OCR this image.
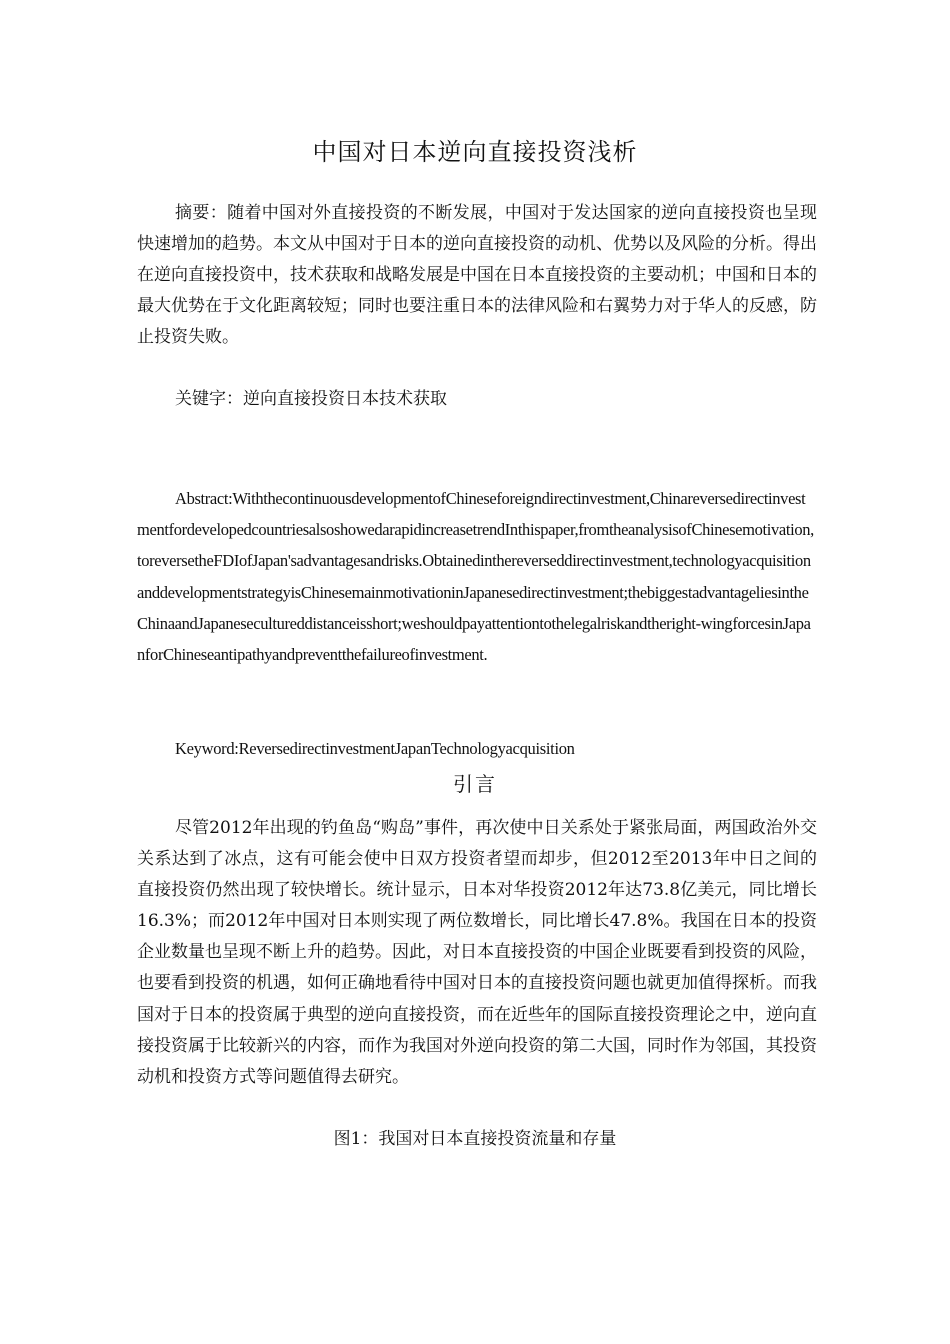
中国对日本逆向直接投资浅析

摘要：随着中国对外直接投资的不断发展，中国对于发达国家的逆向直接投资也呈现快速增加的趋势。本文从中国对于日本的逆向直接投资的动机、优势以及风险的分析。得出在逆向直接投资中，技术获取和战略发展是中国在日本直接投资的主要动机；中国和日本的最大优势在于文化距离较短；同时也要注重日本的法律风险和右翼势力对于华人的反感，防止投资失败。

关键字：逆向直接投资日本技术获取

Abstract:WiththecontinuousdevelopmentofChineseforeigndirectinvestment,ChinareversedirectinvestmentfordevelopedcountriesalsoshowedarapidincreasetrendInthispaper,fromtheanalysisofChinesemotivation,toreversetheFDIofJapan'sadvantagesandrisks.Obtainedinthereverseddirectinvestment,technologyacquisitionanddevelopmentstrategyisChinesemainmotivationinJapanesedirectinvestment;thebiggestadvantageliesintheChinaandJapanesecultureddistanceisshort;weshouldpayattentiontothelegalriskandtheright-wingforcesinJapanforChineseantipathyandpreventthefailureofinvestment.

Keyword:ReversedirectinvestmentJapanTechnologyacquisition

引言

尽管2012年出现的钓鱼岛“购岛”事件，再次使中日关系处于紧张局面，两国政治外交关系达到了冰点，这有可能会使中日双方投资者望而却步，但2012至2013年中日之间的直接投资仍然出现了较快增长。统计显示，日本对华投资2012年达73.8亿美元，同比增长16.3%；而2012年中国对日本则实现了两位数增长，同比增长47.8%。我国在日本的投资企业数量也呈现不断上升的趋势。因此，对日本直接投资的中国企业既要看到投资的风险，也要看到投资的机遇，如何正确地看待中国对日本的直接投资问题也就更加值得探析。而我国对于日本的投资属于典型的逆向直接投资，而在近些年的国际直接投资理论之中，逆向直接投资属于比较新兴的内容，而作为我国对外逆向投资的第二大国，同时作为邻国，其投资动机和投资方式等问题值得去研究。

图1：我国对日本直接投资流量和存量
